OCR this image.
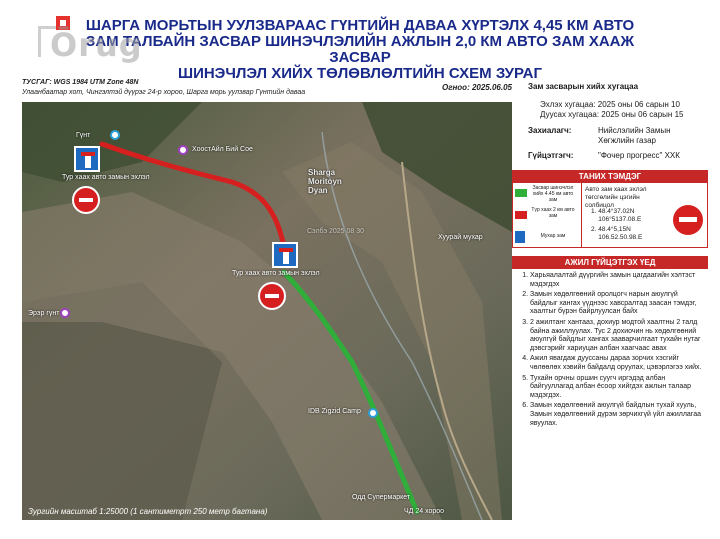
ШАРГА МОРЬТЫН УУЛЗВАРААС ГҮНТИЙН ДАВАА ХҮРТЭЛХ 4,45 КМ АВТО
ЗАМ ТАЛБАЙН ЗАСВАР ШИНЭЧЛЭЛИЙН АЖЛЫН 2,0 КМ АВТО ЗАМ ХААЖ ЗАСВАР
ШИНЭЧЛЭЛ ХИЙХ ТӨЛӨВЛӨЛТИЙН СХЕМ ЗУРАГ
Ōrug
ТУСГАГ: WGS 1984 UTM Zone 48N
Улаанбаатар хот, Чингэлтэй дүүрэг 24-р хороо, Шарга морь уулзвар Гүнтийн даваа
Огноо: 2025.06.05
Гүнт
Тур хаах авто замын эхлэл
ХоостАйл Бий Сое
Sharga
Moritoyn
Dyan
Сэлбэ 2025 08 30
Хуурай мухар
Тур хаах авто замын эхлэл
Эрэр гүнт
IDB Zigzid Camp
Одд Супермаркет
ЧД 24 хороо
Зургийн масштаб 1:25000 (1 сантиметрт 250 метр багтана)
Зам засварын хийх хугацаа
Эхлэх хугацаа: 2025 оны 06 сарын 10
Дуусах хугацаа: 2025 оны 06 сарын 15
Захиалагч:	Нийслэлийн Замын
Хөгжлийн газар
Гүйцэтгэгч:	"Фочер прогресс" ХХК
ТАНИХ ТЭМДЭГ
Засвар шинэчлэл хийх 4.45 км авто зам
Түр хаах 2 км авто зам
Мухар зам
Авто зам хаах эхлэл төгсгөлийн цэгийн солбицол
1. 48.4°37.02N
106°5137.08.E
2. 48.4°5,15N
106.52.50.98.E
АЖИЛ ГҮЙЦЭТГЭХ ҮЕД
1. Харьяалалтай дүүргийн замын цагдаагийн хэлтэст мэдэгдэх
2. Замын хөдөлгөөний оролцогч нарын аюулгүй байдлыг хангах үүднээс хавсралтад заасан тэмдэг, хаалтыг бүрэн байрлуулсан байх
3. 2 ажилтанг хантааз, дохиур модтой хаалтны 2 талд байна ажиллуулах. Тус 2 дохиочин нь хөдөлгөөний аюулгүй байдлыг хангах зааварчилгаат тухайн нутаг дэвсгэрийг хариуцан албан хаагчаас авах
4. Ажил явагдаж дууссаны дараа зорчих хэсгийг чөлөөлөх хэвийн байдалд оруулах, цэвэрлэгээ хийх.
5. Тухайн орчны оршин суугч иргэдэд албан байгууллагад албан ёсоор хийгдэх ажлын талаар мэдэгдэх.
6. Замын хөдөлгөөний аюулгүй байдлын тухай хууль, Замын хөдөлгөөний дүрэм зөрчихгүй үйл ажиллагаа явуулах.
